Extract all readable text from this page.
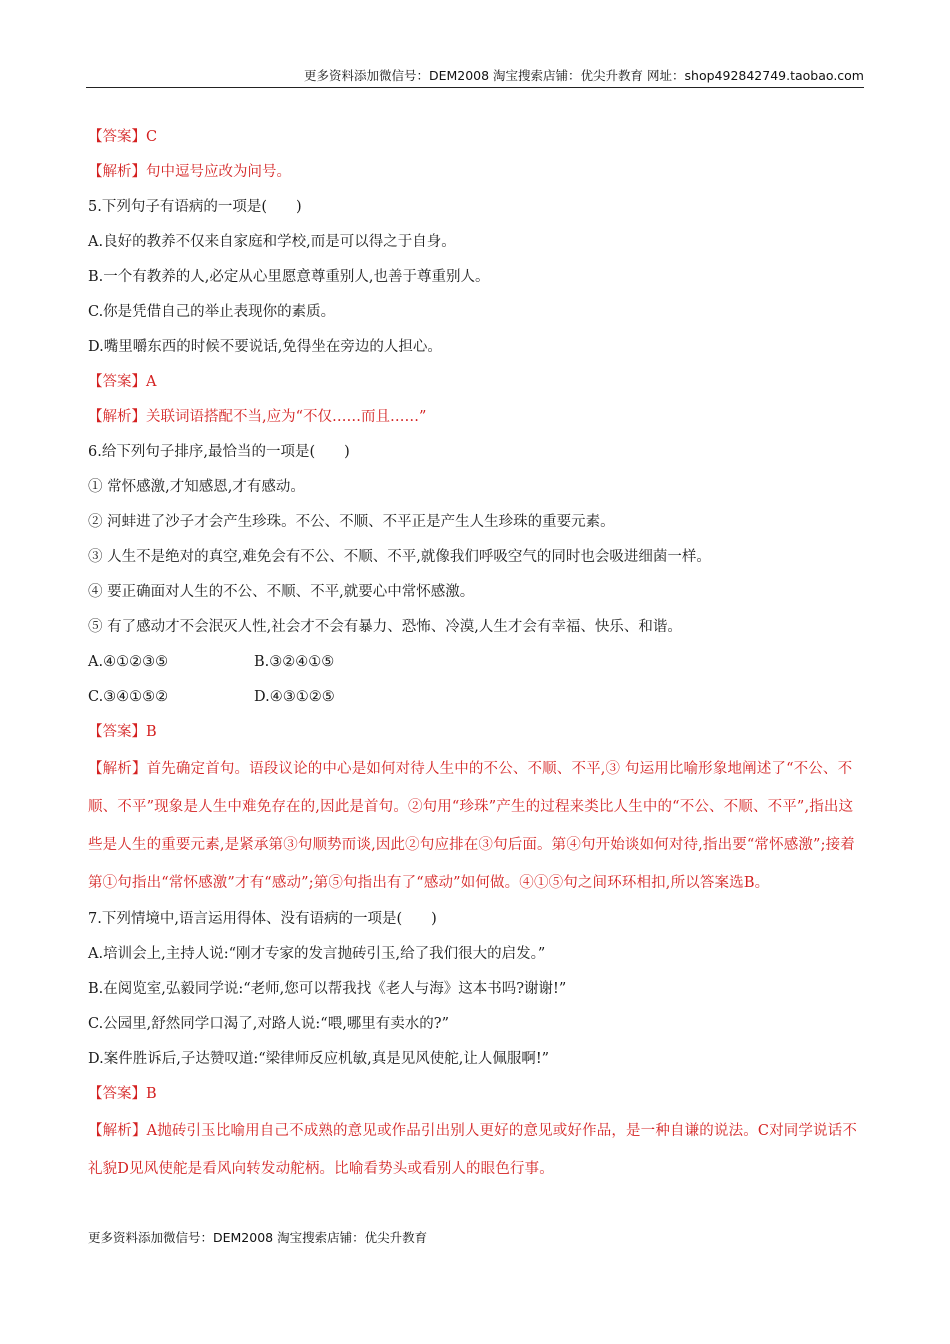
更多资料添加微信号：DEM2008 淘宝搜索店铺：优尖升教育 网址：shop492842749.taobao.com
【答案】C
【解析】句中逗号应改为问号。
5.下列句子有语病的一项是(　　)
A.良好的教养不仅来自家庭和学校,而是可以得之于自身。
B.一个有教养的人,必定从心里愿意尊重别人,也善于尊重别人。
C.你是凭借自己的举止表现你的素质。
D.嘴里嚼东西的时候不要说话,免得坐在旁边的人担心。
【答案】A
【解析】关联词语搭配不当,应为“不仅……而且……”
6.给下列句子排序,最恰当的一项是(　　)
① 常怀感激,才知感恩,才有感动。
② 河蚌进了沙子才会产生珍珠。不公、不顺、不平正是产生人生珍珠的重要元素。
③ 人生不是绝对的真空,难免会有不公、不顺、不平,就像我们呼吸空气的同时也会吸进细菌一样。
④ 要正确面对人生的不公、不顺、不平,就要心中常怀感激。
⑤ 有了感动才不会泯灭人性,社会才不会有暴力、恐怖、冷漠,人生才会有幸福、快乐、和谐。
A.④①②③⑤	B.③②④①⑤
C.③④①⑤②	D.④③①②⑤
【答案】B
【解析】首先确定首句。语段议论的中心是如何对待人生中的不公、不顺、不平,③ 句运用比喻形象地阐述了“不公、不顺、不平”现象是人生中难免存在的,因此是首句。②句用“珍珠”产生的过程来类比人生中的“不公、不顺、不平”,指出这些是人生的重要元素,是紧承第③句顺势而谈,因此②句应排在③句后面。第④句开始谈如何对待,指出要“常怀感激”;接着第①句指出“常怀感激”才有“感动”;第⑤句指出有了“感动”如何做。④①⑤句之间环环相扣,所以答案选B。
7.下列情境中,语言运用得体、没有语病的一项是(　　)
A.培训会上,主持人说:“刚才专家的发言抛砖引玉,给了我们很大的启发。”
B.在阅览室,弘毅同学说:“老师,您可以帮我找《老人与海》这本书吗?谢谢!”
C.公园里,舒然同学口渴了,对路人说:“喂,哪里有卖水的?”
D.案件胜诉后,子达赞叹道:“梁律师反应机敏,真是见风使舵,让人佩服啊!”
【答案】B
【解析】A抛砖引玉比喻用自己不成熟的意见或作品引出别人更好的意见或好作品，是一种自谦的说法。C对同学说话不礼貌D见风使舵是看风向转发动舵柄。比喻看势头或看别人的眼色行事。
更多资料添加微信号：DEM2008 淘宝搜索店铺：优尖升教育
